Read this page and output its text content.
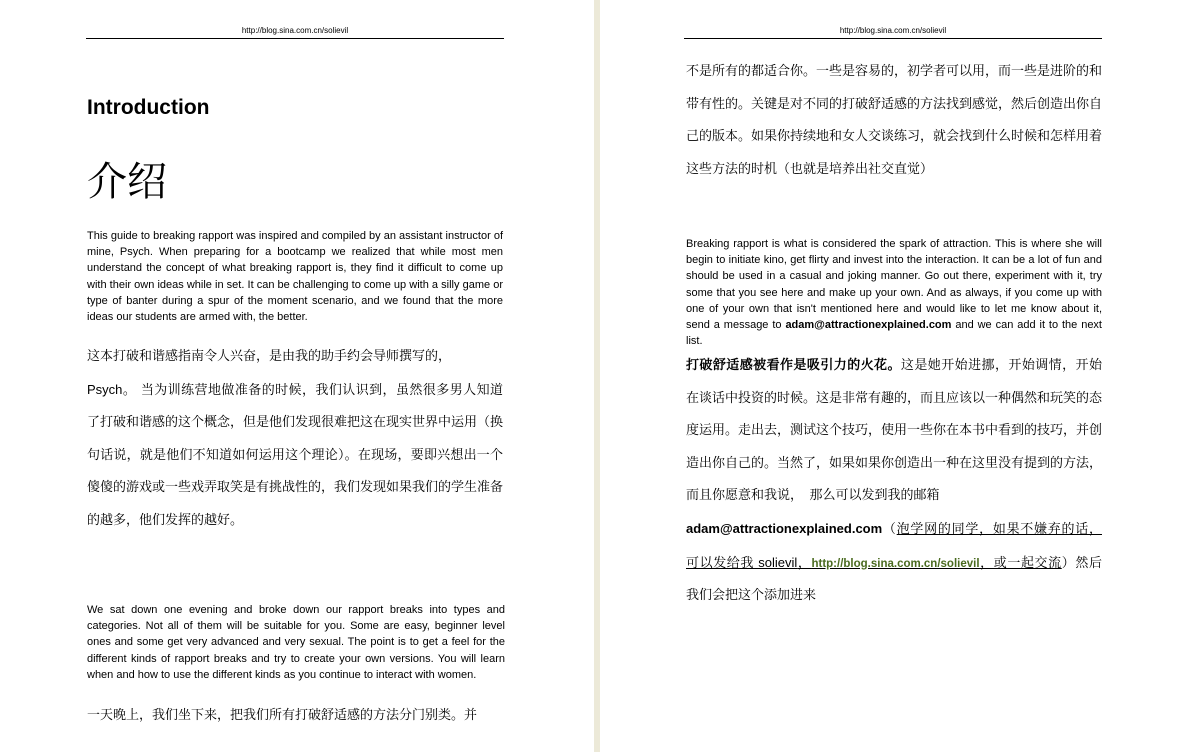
http://blog.sina.com.cn/solievil
Introduction
介绍

This guide to breaking rapport was inspired and compiled by an assistant instructor of mine, Psych. When preparing for a bootcamp we realized that while most men understand the concept of what breaking rapport is, they find it difficult to come up with their own ideas while in set. It can be challenging to come up with a silly game or type of banter during a spur of the moment scenario, and we found that the more ideas our students are armed with, the better.

这本打破和谐感指南令人兴奋，是由我的助手约会导师撰写的，
Psych。 当为训练营地做准备的时候，我们认识到，虽然很多男人知道了打破和谐感的这个概念，但是他们发现很难把这在现实世界中运用（换句话说，就是他们不知道如何运用这个理论）。在现场，要即兴想出一个傻傻的游戏或一些戏弄取笑是有挑战性的，我们发现如果我们的学生准备的越多，他们发挥的越好。

We sat down one evening and broke down our rapport breaks into types and categories. Not all of them will be suitable for you. Some are easy, beginner level ones and some get very advanced and very sexual. The point is to get a feel for the different kinds of rapport breaks and try to create your own versions. You will learn when and how to use the different kinds as you continue to interact with women.

一天晚上，我们坐下来，把我们所有打破舒适感的方法分门别类。并

http://blog.sina.com.cn/solievil

不是所有的都适合你。一些是容易的，初学者可以用，而一些是进阶的和带有性的。关键是对不同的打破舒适感的方法找到感觉，然后创造出你自己的版本。如果你持续地和女人交谈练习，就会找到什么时候和怎样用着这些方法的时机（也就是培养出社交直觉）

Breaking rapport is what is considered the spark of attraction. This is where she will begin to initiate kino, get flirty and invest into the interaction. It can be a lot of fun and should be used in a casual and joking manner. Go out there, experiment with it, try some that you see here and make up your own. And as always, if you come up with one of your own that isn't mentioned here and would like to let me know about it, send a message to adam@attractionexplained.com and we can add it to the next list.

打破舒适感被看作是吸引力的火花。这是她开始进挪，开始调情，开始在谈话中投资的时候。这是非常有趣的，而且应该以一种偶然和玩笑的态度运用。走出去，测试这个技巧，使用一些你在本书中看到的技巧，并创造出你自己的。当然了，如果如果你创造出一种在这里没有提到的方法，而且你愿意和我说，　那么可以发到我的邮箱
adam@attractionexplained.com（泡学网的同学，如果不嫌弃的话，可以发给我 solievil，http://blog.sina.com.cn/solievil，或一起交流）然后我们会把这个添加进来
